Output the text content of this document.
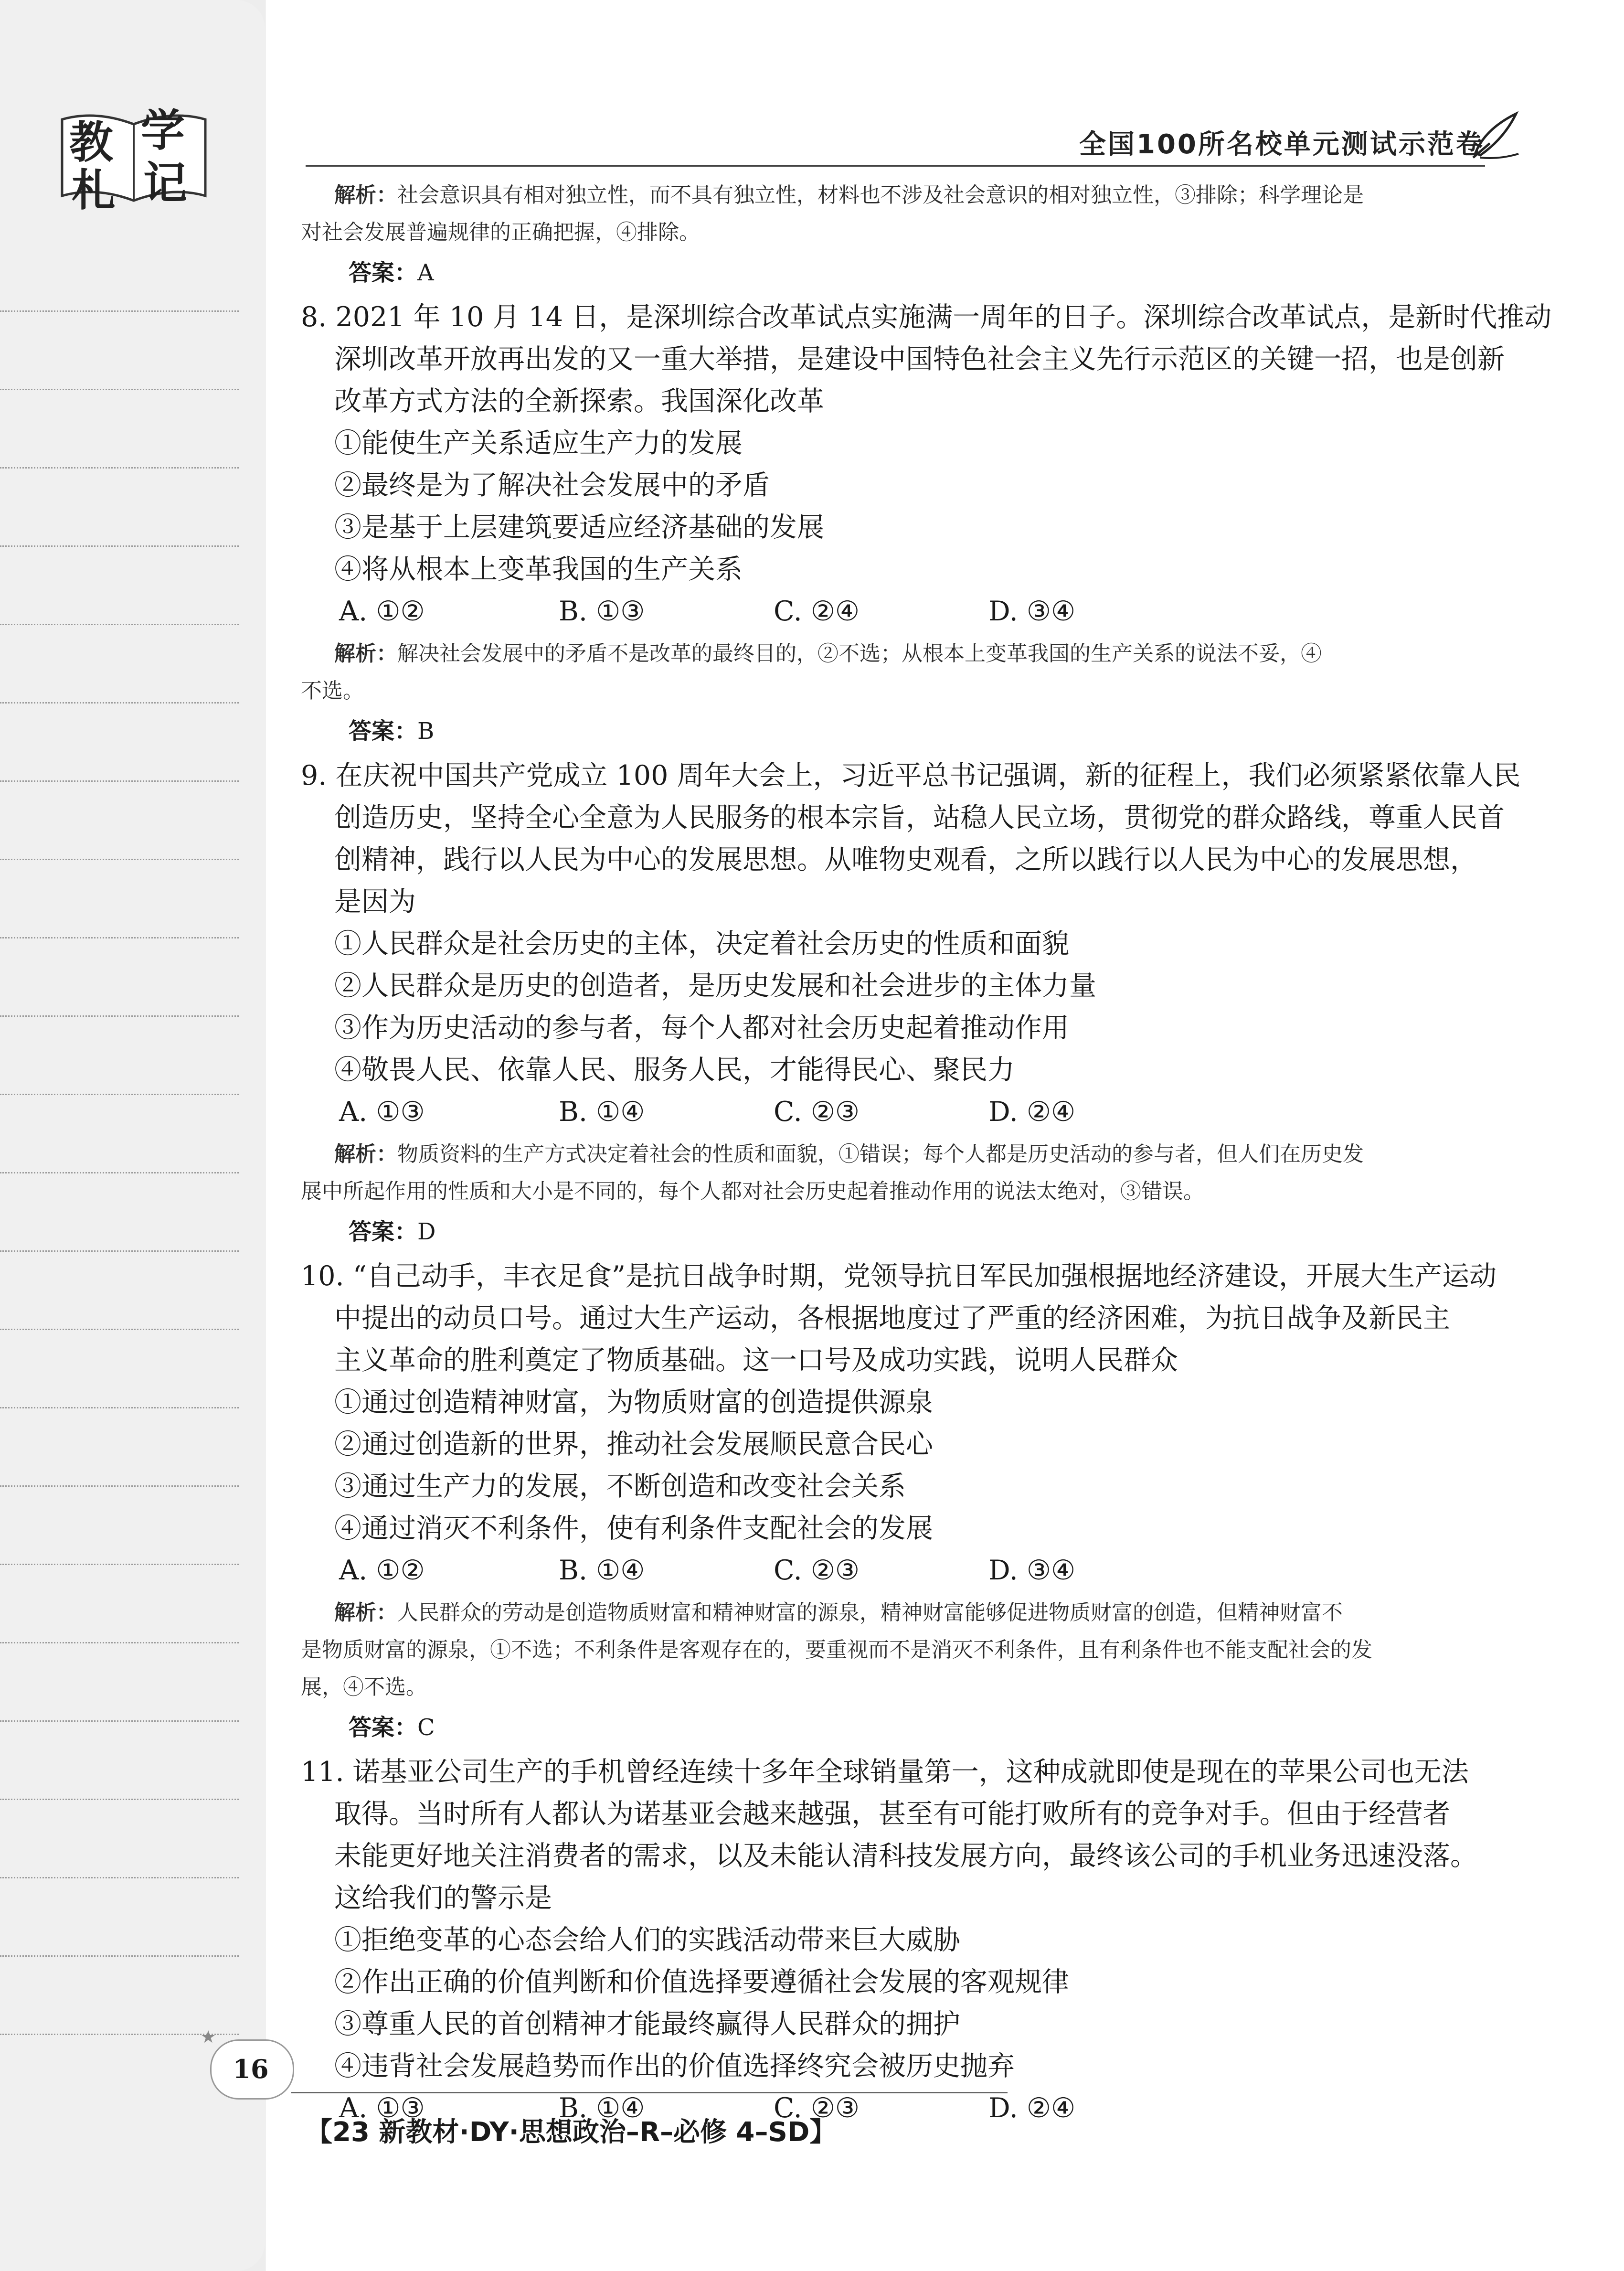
教 学
札 记
全国100所名校单元测试示范卷
解析：社会意识具有相对独立性，而不具有独立性，材料也不涉及社会意识的相对独立性，③排除；科学理论是
对社会发展普遍规律的正确把握，④排除。
答案：A
8. 2021 年 10 月 14 日，是深圳综合改革试点实施满一周年的日子。深圳综合改革试点，是新时代推动
深圳改革开放再出发的又一重大举措，是建设中国特色社会主义先行示范区的关键一招，也是创新
改革方式方法的全新探索。我国深化改革
①能使生产关系适应生产力的发展
②最终是为了解决社会发展中的矛盾
③是基于上层建筑要适应经济基础的发展
④将从根本上变革我国的生产关系
A. ①②	B. ①③	C. ②④	D. ③④
解析：解决社会发展中的矛盾不是改革的最终目的，②不选；从根本上变革我国的生产关系的说法不妥，④
不选。
答案：B
9. 在庆祝中国共产党成立 100 周年大会上，习近平总书记强调，新的征程上，我们必须紧紧依靠人民
创造历史，坚持全心全意为人民服务的根本宗旨，站稳人民立场，贯彻党的群众路线，尊重人民首
创精神，践行以人民为中心的发展思想。从唯物史观看，之所以践行以人民为中心的发展思想，
是因为
①人民群众是社会历史的主体，决定着社会历史的性质和面貌
②人民群众是历史的创造者，是历史发展和社会进步的主体力量
③作为历史活动的参与者，每个人都对社会历史起着推动作用
④敬畏人民、依靠人民、服务人民，才能得民心、聚民力
A. ①③	B. ①④	C. ②③	D. ②④
解析：物质资料的生产方式决定着社会的性质和面貌，①错误；每个人都是历史活动的参与者，但人们在历史发
展中所起作用的性质和大小是不同的，每个人都对社会历史起着推动作用的说法太绝对，③错误。
答案：D
10. “自己动手，丰衣足食”是抗日战争时期，党领导抗日军民加强根据地经济建设，开展大生产运动
中提出的动员口号。通过大生产运动，各根据地度过了严重的经济困难，为抗日战争及新民主
主义革命的胜利奠定了物质基础。这一口号及成功实践，说明人民群众
①通过创造精神财富，为物质财富的创造提供源泉
②通过创造新的世界，推动社会发展顺民意合民心
③通过生产力的发展，不断创造和改变社会关系
④通过消灭不利条件，使有利条件支配社会的发展
A. ①②	B. ①④	C. ②③	D. ③④
解析：人民群众的劳动是创造物质财富和精神财富的源泉，精神财富能够促进物质财富的创造，但精神财富不
是物质财富的源泉，①不选；不利条件是客观存在的，要重视而不是消灭不利条件，且有利条件也不能支配社会的发
展，④不选。
答案：C
11. 诺基亚公司生产的手机曾经连续十多年全球销量第一，这种成就即使是现在的苹果公司也无法
取得。当时所有人都认为诺基亚会越来越强，甚至有可能打败所有的竞争对手。但由于经营者
未能更好地关注消费者的需求，以及未能认清科技发展方向，最终该公司的手机业务迅速没落。
这给我们的警示是
①拒绝变革的心态会给人们的实践活动带来巨大威胁
②作出正确的价值判断和价值选择要遵循社会发展的客观规律
③尊重人民的首创精神才能最终赢得人民群众的拥护
④违背社会发展趋势而作出的价值选择终究会被历史抛弃
A. ①③	B. ①④	C. ②③	D. ②④
★
16
【23 新教材·DY·思想政治–R–必修 4–SD】
